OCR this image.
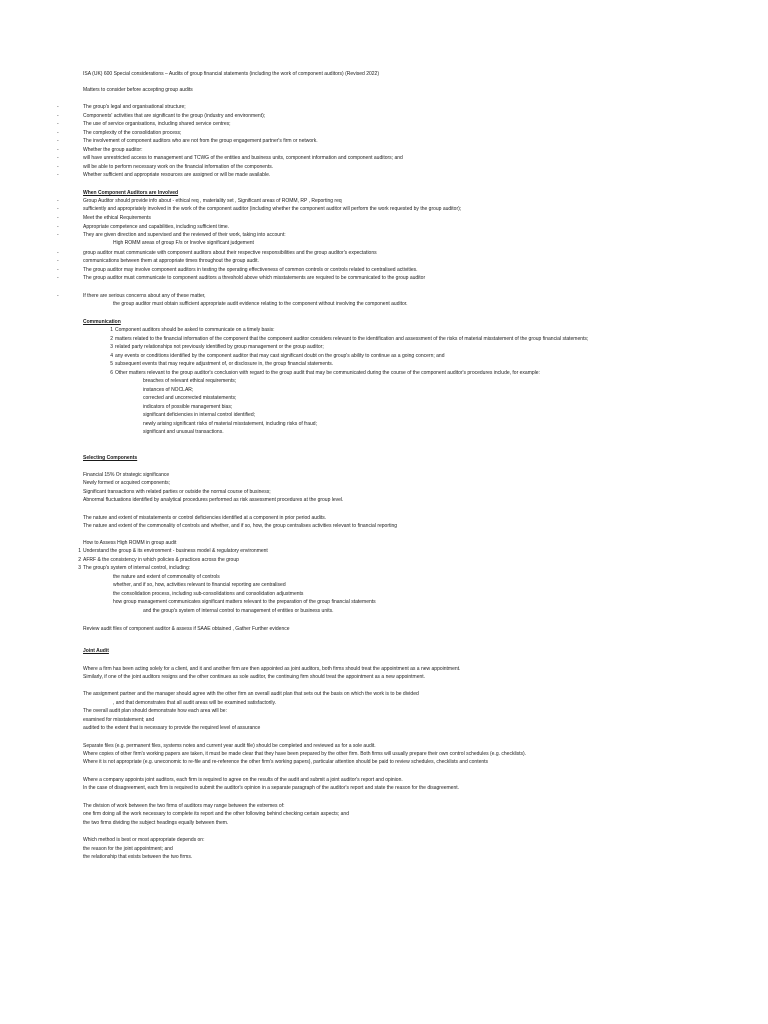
ISA (UK) 600 Special considerations – Audits of group financial statements (including the work of component auditors) (Revised 2022)
Matters to consider before accepting group audits
-	The group's legal and organisational structure;
-	Components' activities that are significant to the group (industry and environment);
-	The use of service organisations, including shared service centres;
-	The complexity of the consolidation process;
-	The involvement of component auditors who are not from the group engagement partner's firm or network.
-	Whether the group auditor:
-	will have unrestricted access to management and TCWG of the entities and business units, component information and component auditors; and
-	will be able to perform necessary work on the financial information of the components.
-	Whether sufficient and appropriate resources are assigned or will be made available.
When Component Auditors are Involved
-	Group Auditor should provide info about - ethical req , materiality set , Significant areas of ROMM, RP , Reporting req
-	sufficiently and appropriately involved in the work of the component auditor (including whether the component auditor will perform the work requested by the group auditor);
-	Meet the ethical Requirements
-	Appropriate competence and capabilities, including sufficient time.
-	They are given direction and supervised and the reviewed of their work, taking into account:
High ROMM areas of group F/s or Involve significant judgement
-	group auditor must communicate with component auditors about their respective responsibilities and the group auditor's expectations
-	communications between them at appropriate times throughout the group audit.
-	The group auditor may involve component auditors in testing the operating effectiveness of common controls or controls related to centralised activities.
-	The group auditor must communicate to component auditors a threshold above which misstatements are required to be communicated to the group auditor
-	If there are serious concerns about any of these matter,
the group auditor must obtain sufficient appropriate audit evidence relating to the component without involving the component auditor.
Communication
1 Component auditors should be asked to communicate on a timely basis:
2 matters related to the financial information of the component that the component auditor considers relevant to the identification and assessment of the risks of material misstatement of the group financial statements;
3 related party relationships not previously identified by group management or the group auditor;
4 any events or conditions identified by the component auditor that may cast significant doubt on the group's ability to continue as a going concern; and
5 subsequent events that may require adjustment of, or disclosure in, the group financial statements.
6 Other matters relevant to the group auditor's conclusion with regard to the group audit that may be communicated during the course of the component auditor's procedures include, for example:
breaches of relevant ethical requirements;
instances of NOCLAR;
corrected and uncorrected misstatements;
indicators of possible management bias;
significant deficiencies in internal control identified;
newly arising significant risks of material misstatement, including risks of fraud;
significant and unusual transactions.
Selecting Components
Financial 15% Or strategic significance
Newly formed or acquired components;
Significant transactions with related parties or outside the normal course of business;
Abnormal fluctuations identified by analytical procedures performed as risk assessment procedures at the group level.
The nature and extent of misstatements or control deficiencies identified at a component in prior period audits.
The nature and extent of the commonality of controls and whether, and if so, how, the group centralises activities relevant to financial reporting
How to Assess High ROMM in group audit
1 Understand the group & its environment - business model & regulatory environment
2 AFRF & the consistency in which policies & practices across the group
3 The group's system of internal control, including:
the nature and extent of commonality of controls
whether, and if so, how, activities relevant to financial reporting are centralised
the consolidation process, including sub-consolidations and consolidation adjustments
how group management communicates significant matters relevant to the preparation of the group financial statements
and the group's system of internal control to management of entities or business units.
Review audit files of component auditor & assess if SAAE obtained , Gather Further evidence
Joint Audit
Where a firm has been acting solely for a client, and it and another firm are then appointed as joint auditors, both firms should treat the appointment as a new appointment.
Similarly, if one of the joint auditors resigns and the other continues as sole auditor, the continuing firm should treat the appointment as a new appointment.
The assignment partner and the manager should agree with the other firm an overall audit plan that sets out the basis on which the work is to be divided
, and that demonstrates that all audit areas will be examined satisfactorily.
The overall audit plan should demonstrate how each area will be:
examined for misstatement; and
audited to the extent that is necessary to provide the required level of assurance
Separate files (e.g. permanent files, systems notes and current year audit file) should be completed and reviewed as for a sole audit.
Where copies of other firm's working papers are taken, it must be made clear that they have been prepared by the other firm. Both firms will usually prepare their own control schedules (e.g. checklists).
Where it is not appropriate (e.g. uneconomic to re-file and re-reference the other firm's working papers), particular attention should be paid to review schedules, checklists and contents
Where a company appoints joint auditors, each firm is required to agree on the results of the audit and submit a joint auditor's report and opinion.
In the case of disagreement, each firm is required to submit the auditor's opinion in a separate paragraph of the auditor's report and state the reason for the disagreement.
The division of work between the two firms of auditors may range between the extremes of:
one firm doing all the work necessary to complete its report and the other following behind checking certain aspects; and
the two firms dividing the subject headings equally between them.
Which method is best or most appropriate depends on:
the reason for the joint appointment; and
the relationship that exists between the two firms.
